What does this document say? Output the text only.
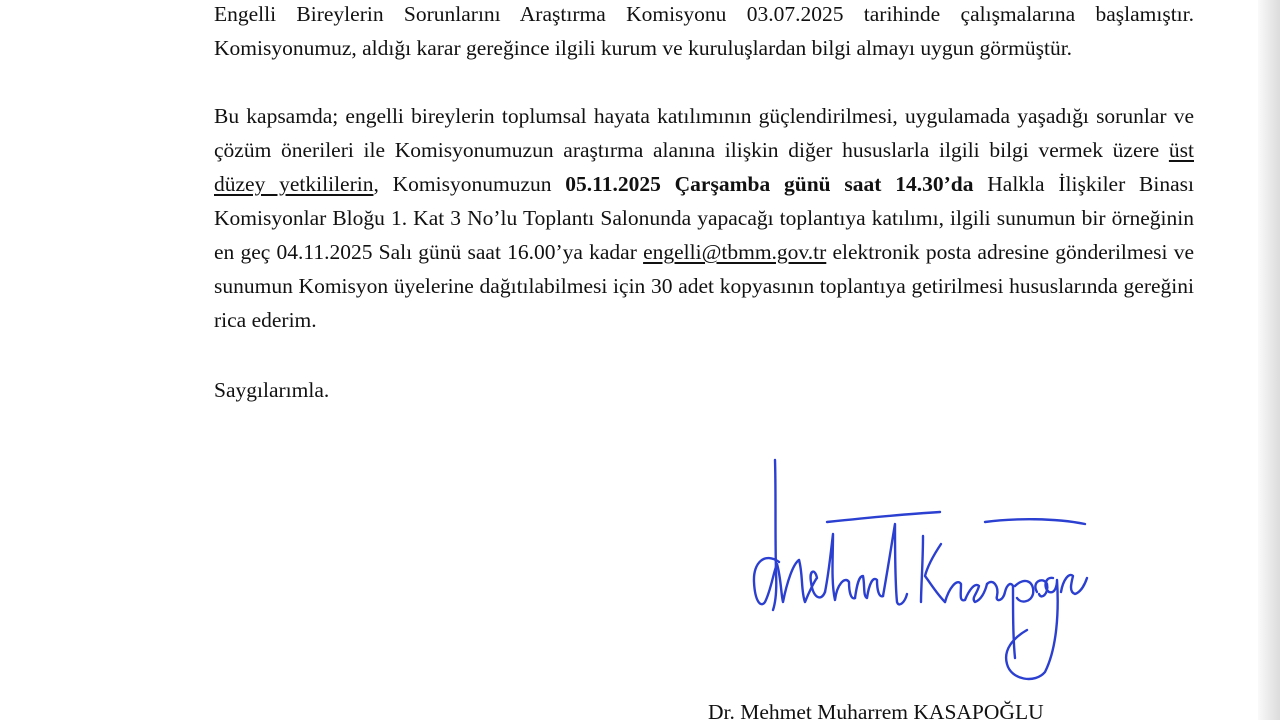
Engelli Bireylerin Sorunlarını Araştırma Komisyonu 03.07.2025 tarihinde çalışmalarına başlamıştır. Komisyonumuz, aldığı karar gereğince ilgili kurum ve kuruluşlardan bilgi almayı uygun görmüştür.

Bu kapsamda; engelli bireylerin toplumsal hayata katılımının güçlendirilmesi, uygulamada yaşadığı sorunlar ve çözüm önerileri ile Komisyonumuzun araştırma alanına ilişkin diğer hususlarla ilgili bilgi vermek üzere üst düzey yetkililerin, Komisyonumuzun 05.11.2025 Çarşamba günü saat 14.30’da Halkla İlişkiler Binası Komisyonlar Bloğu 1. Kat 3 No’lu Toplantı Salonunda yapacağı toplantıya katılımı, ilgili sunumun bir örneğinin en geç 04.11.2025 Salı günü saat 16.00’ya kadar engelli@tbmm.gov.tr elektronik posta adresine gönderilmesi ve sunumun Komisyon üyelerine dağıtılabilmesi için 30 adet kopyasının toplantıya getirilmesi hususlarında gereğini rica ederim.

Saygılarımla.

Dr. Mehmet Muharrem KASAPOĞLU
